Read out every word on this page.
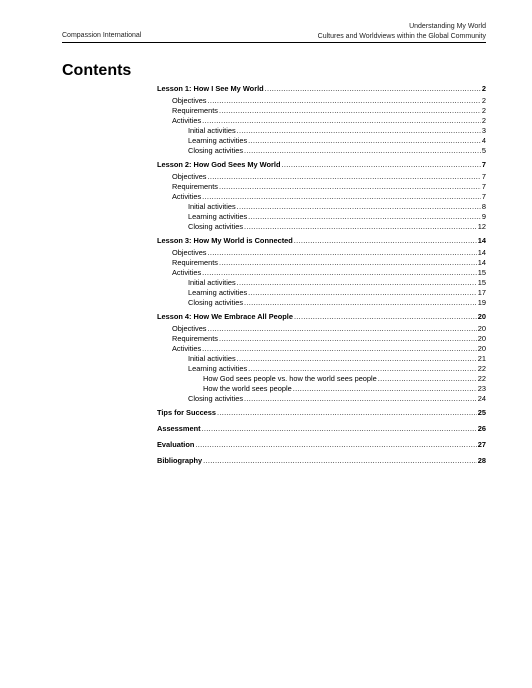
Compassion International
Understanding My World
Cultures and Worldviews within the Global Community
Contents
Lesson 1: How I See My World .....	2
Objectives .....	2
Requirements .....	2
Activities .....	2
Initial activities .....	3
Learning activities .....	4
Closing activities .....	5
Lesson 2: How God Sees My World .....	7
Objectives .....	7
Requirements .....	7
Activities .....	7
Initial activities .....	8
Learning activities .....	9
Closing activities .....	12
Lesson 3: How My World is Connected .....	14
Objectives .....	14
Requirements .....	14
Activities .....	15
Initial activities .....	15
Learning activities .....	17
Closing activities .....	19
Lesson 4: How We Embrace All People .....	20
Objectives .....	20
Requirements .....	20
Activities .....	20
Initial activities .....	21
Learning activities .....	22
How God sees people vs. how the world sees people .....	22
How the world sees people .....	23
Closing activities .....	24
Tips for Success .....	25
Assessment .....	26
Evaluation .....	27
Bibliography .....	28
